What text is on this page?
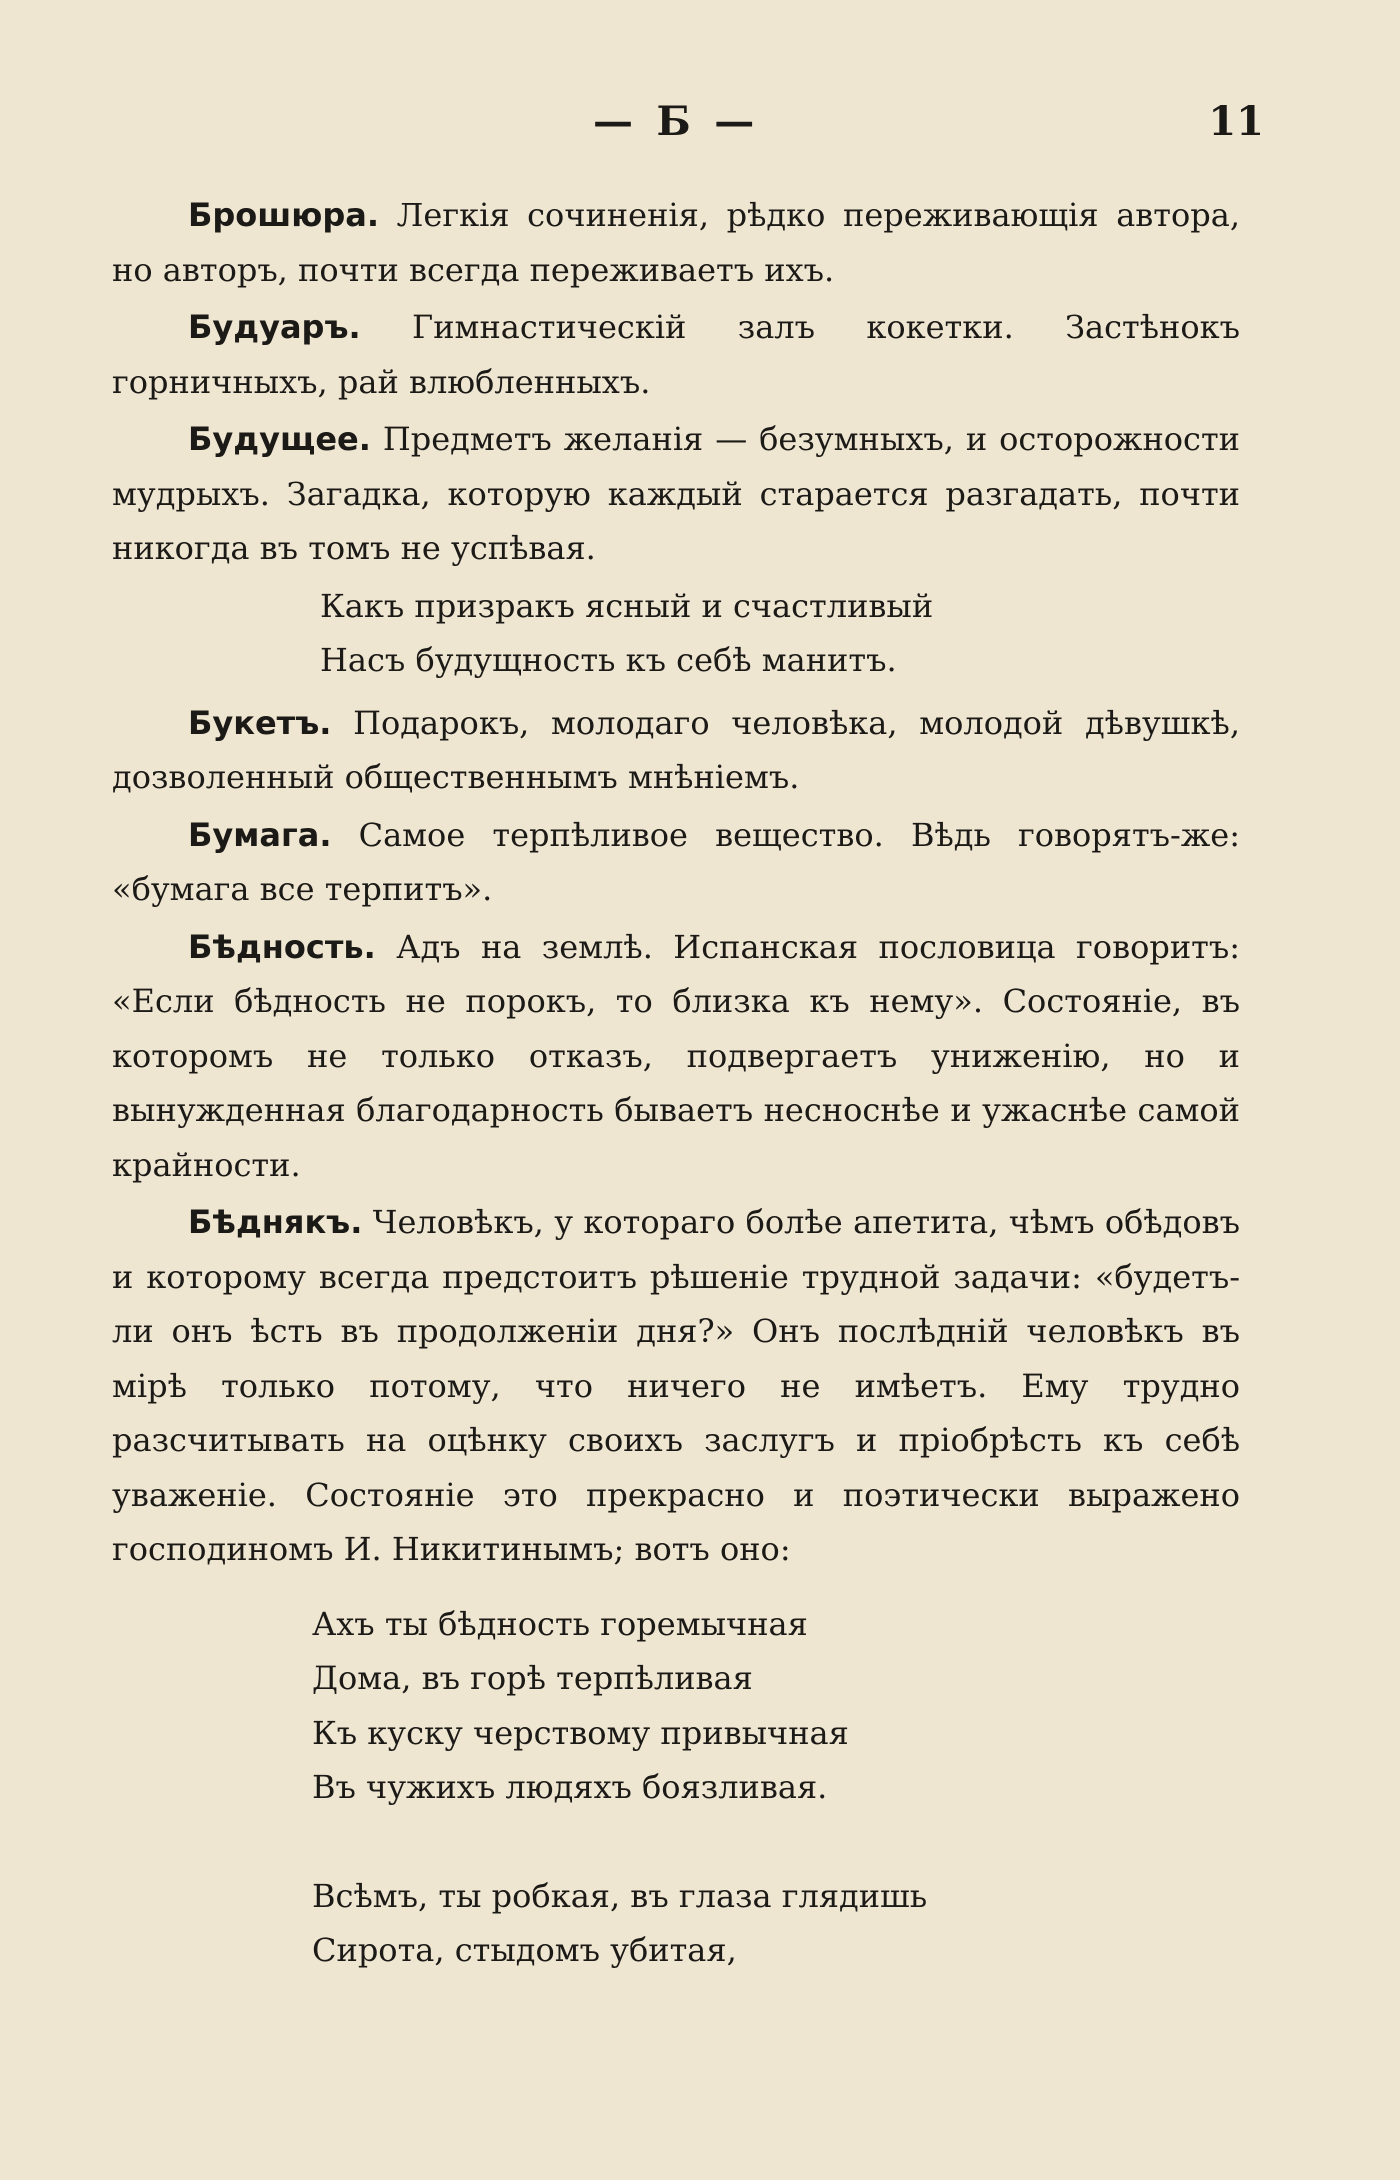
— Б —	11

Брошюра. Легкія сочиненія, рѣдко переживающія автора, но авторъ, почти всегда переживаетъ ихъ.

Будуаръ. Гимнастическій залъ кокетки. Застѣнокъ горничныхъ, рай влюбленныхъ.

Будущее. Предметъ желанія — безумныхъ, и осторожности мудрыхъ. Загадка, которую каждый старается разгадать, почти никогда въ томъ не успѣвая.

Какъ призракъ ясный и счастливый
Насъ будущность къ себѣ манитъ.

Букетъ. Подарокъ, молодаго человѣка, молодой дѣвушкѣ, дозволенный общественнымъ мнѣніемъ.

Бумага. Самое терпѣливое вещество. Вѣдь говорятъ-же: «бумага все терпитъ».

Бѣдность. Адъ на землѣ. Испанская пословица говоритъ: «Если бѣдность не порокъ, то близка къ нему». Состояніе, въ которомъ не только отказъ, подвергаетъ униженію, но и вынужденная благодарность бываетъ несноснѣе и ужаснѣе самой крайности.

Бѣднякъ. Человѣкъ, у котораго болѣе апетита, чѣмъ обѣдовъ и которому всегда предстоитъ рѣшеніе трудной задачи: «будетъ-ли онъ ѣсть въ продолженіи дня?» Онъ послѣдній человѣкъ въ мірѣ только потому, что ничего не имѣетъ. Ему трудно разсчитывать на оцѣнку своихъ заслугъ и пріобрѣсть къ себѣ уваженіе. Состояніе это прекрасно и поэтически выражено господиномъ И. Никитинымъ; вотъ оно:

Ахъ ты бѣдность горемычная
Дома, въ горѣ терпѣливая
Къ куску черствому привычная
Въ чужихъ людяхъ боязливая.
Всѣмъ, ты робкая, въ глаза глядишь
Сирота, стыдомъ убитая,
